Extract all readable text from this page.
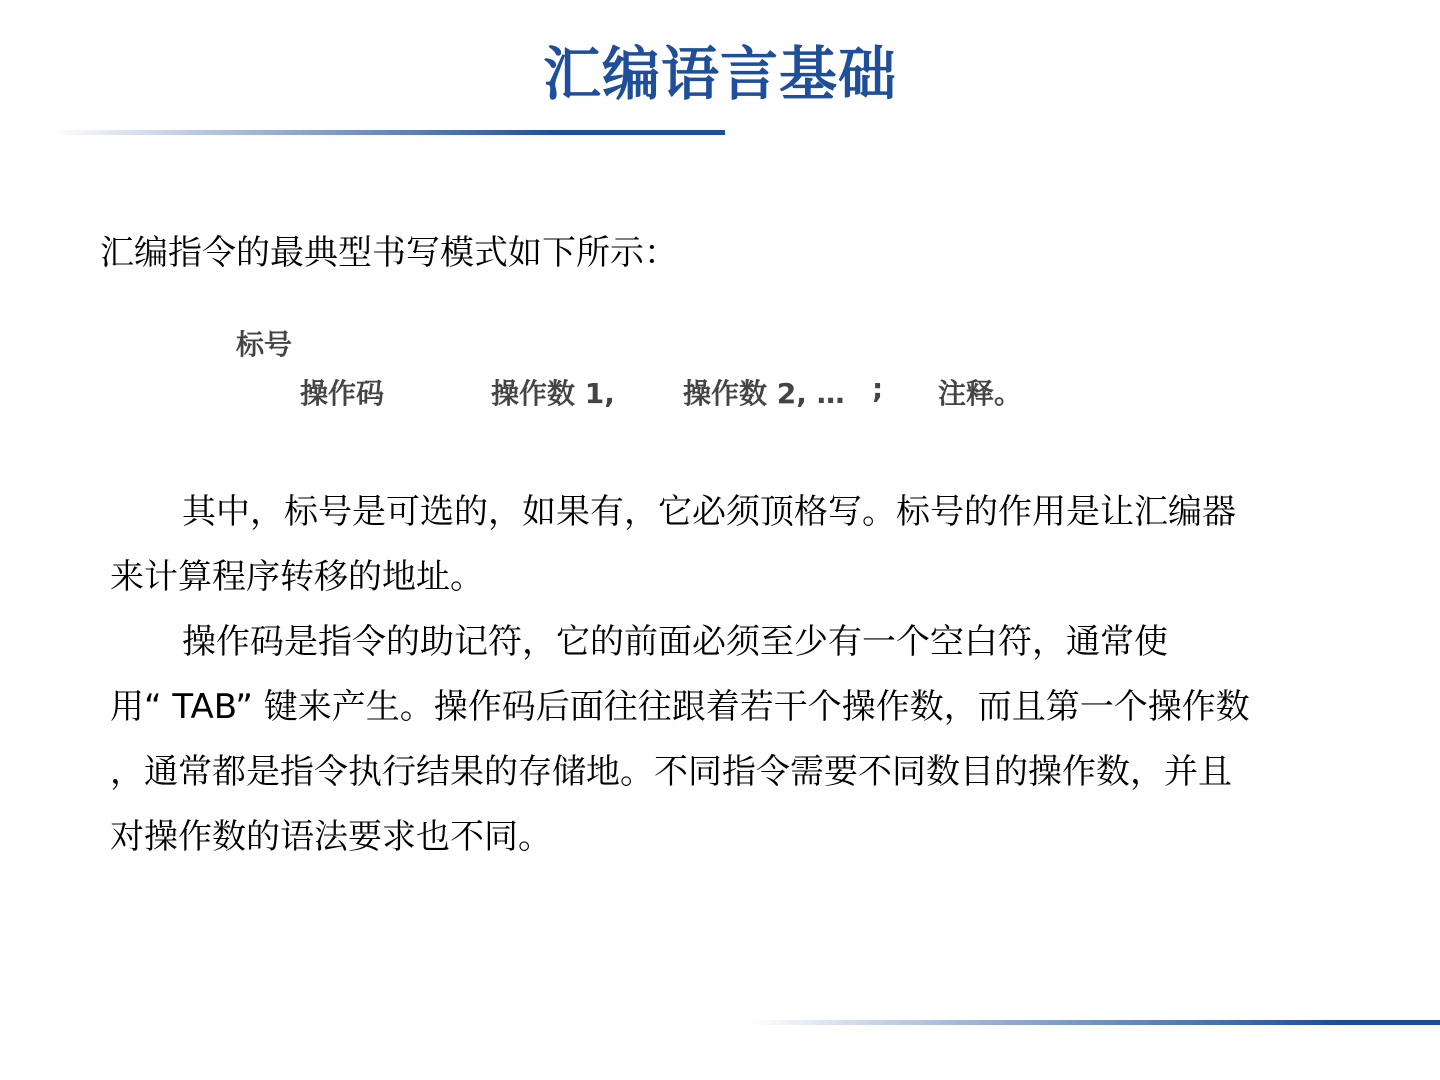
汇编语言基础
汇编指令的最典型书写模式如下所示：
标号
操作码	操作数 1, 操作数 2, … ; 注释。
其中，标号是可选的，如果有，它必须顶格写。标号的作用是让汇编器
来计算程序转移的地址。
操作码是指令的助记符，它的前面必须至少有一个空白符，通常使
用“ TAB” 键来产生。操作码后面往往跟着若干个操作数，而且第一个操作数
，通常都是指令执行结果的存储地。不同指令需要不同数目的操作数，并且
对操作数的语法要求也不同。
